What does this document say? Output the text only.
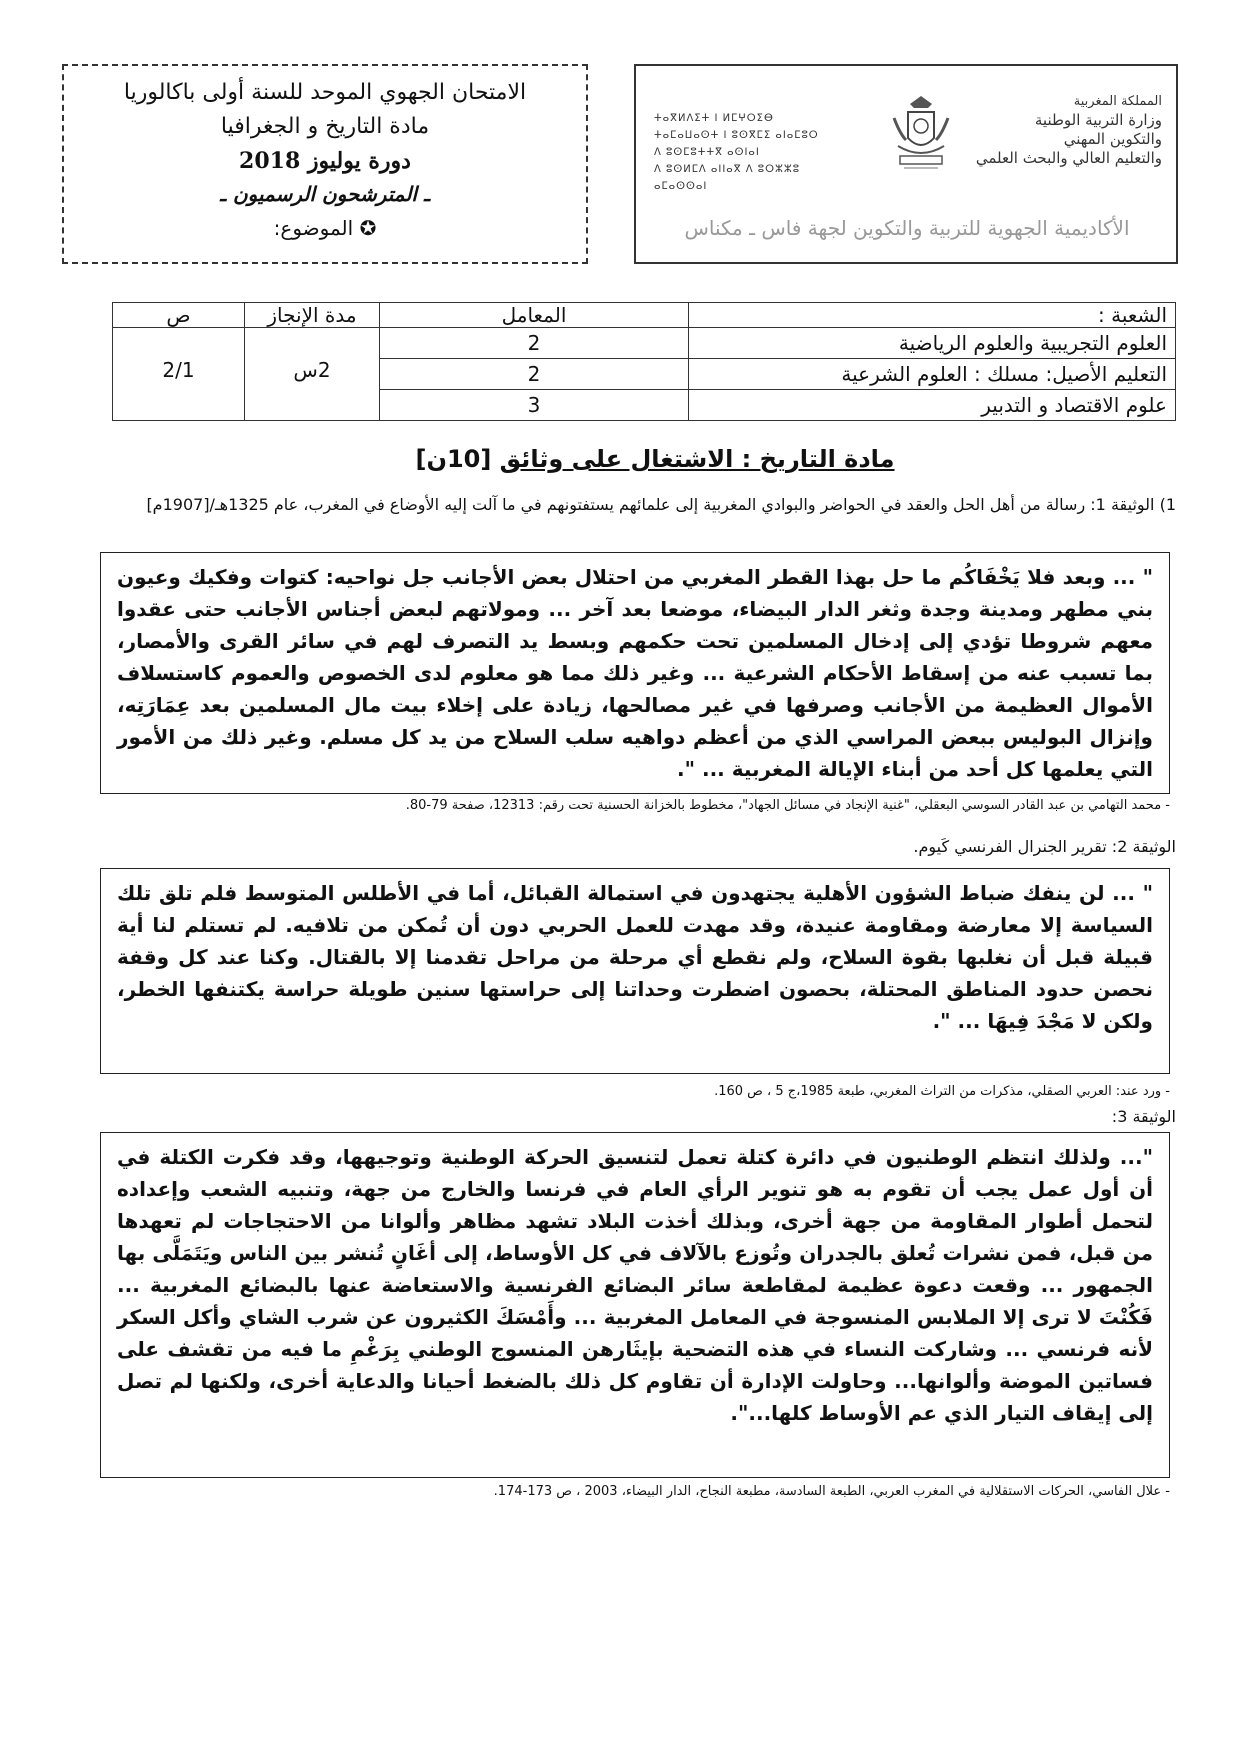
الامتحان الجهوي الموحد للسنة أولى باكالوريا
مادة التاريخ و الجغرافيا
دورة يوليوز 2018
ـ المترشحون الرسميون ـ
✪ الموضوع:
المملكة المغربية
وزارة التربية الوطنية
والتكوين المهني
والتعليم العالي والبحث العلمي
ⵜⴰⴳⵍⴷⵉⵜ ⵏ ⵍⵎⵖⵔⵉⴱ
ⵜⴰⵎⴰⵡⴰⵙⵜ ⵏ ⵓⵙⴳⵎⵉ ⴰⵏⴰⵎⵓⵔ
ⴷ ⵓⵙⵎⵓⵜⵜⴳ ⴰⵙⵏⴰⵏ
ⴷ ⵓⵙⵍⵎⴷ ⴰⵏⵏⴰⴳ ⴷ ⵓⵔⵣⵣⵓ ⴰⵎⴰⵙⵙⴰⵏ
الأكاديمية الجهوية للتربية والتكوين لجهة فاس ـ مكناس
الشعبة :	المعامل	مدة الإنجاز	ص
العلوم التجريبية والعلوم الرياضية	2	2س	2/1
التعليم الأصيل: مسلك : العلوم الشرعية	2		
علوم الاقتصاد و التدبير	3		
مادة التاريخ : الاشتغال على وثائق [10ن]
1) الوثيقة 1: رسالة من أهل الحل والعقد في الحواضر والبوادي المغربية إلى علمائهم يستفتونهم في ما آلت إليه الأوضاع في المغرب، عام 1325هـ/[1907م]
" ... وبعد فلا يَخْفَاكُم ما حل بهذا القطر المغربي من احتلال بعض الأجانب جل نواحيه: كتوات وفكيك وعيون بني مطهر ومدينة وجدة وثغر الدار البيضاء، موضعا بعد آخر ... ومولاتهم لبعض أجناس الأجانب حتى عقدوا معهم شروطا تؤدي إلى إدخال المسلمين تحت حكمهم وبسط يد التصرف لهم في سائر القرى والأمصار، بما تسبب عنه من إسقاط الأحكام الشرعية ... وغير ذلك مما هو معلوم لدى الخصوص والعموم كاستسلاف الأموال العظيمة من الأجانب وصرفها في غير مصالحها، زيادة على إخلاء بيت مال المسلمين بعد عِمَارَتِه، وإنزال البوليس ببعض المراسي الذي من أعظم دواهيه سلب السلاح من يد كل مسلم. وغير ذلك من الأمور التي يعلمها كل أحد من أبناء الإيالة المغربية ... ".
- محمد التهامي بن عبد القادر السوسي البعقلي، "غنية الإنجاد في مسائل الجهاد"، مخطوط بالخزانة الحسنية تحت رقم: 12313، صفحة 79-80.
الوثيقة 2: تقرير الجنرال الفرنسي كَيوم.
" ... لن ينفك ضباط الشؤون الأهلية يجتهدون في استمالة القبائل، أما في الأطلس المتوسط فلم تلق تلك السياسة إلا معارضة ومقاومة عنيدة، وقد مهدت للعمل الحربي دون أن تُمكن من تلافيه. لم تستلم لنا أية قبيلة قبل أن نغلبها بقوة السلاح، ولم نقطع أي مرحلة من مراحل تقدمنا إلا بالقتال. وكنا عند كل وقفة نحصن حدود المناطق المحتلة، بحصون اضطرت وحداتنا إلى حراستها سنين طويلة حراسة يكتنفها الخطر، ولكن لا مَجْدَ فِيهَا ... ".
- ورد عند: العربي الصقلي، مذكرات من التراث المغربي، طبعة 1985،ج 5 ، ص 160.
الوثيقة 3:
"... ولذلك انتظم الوطنيون في دائرة كتلة تعمل لتنسيق الحركة الوطنية وتوجيهها، وقد فكرت الكتلة في أن أول عمل يجب أن تقوم به هو تنوير الرأي العام في فرنسا والخارج من جهة، وتنبيه الشعب وإعداده لتحمل أطوار المقاومة من جهة أخرى، وبذلك أخذت البلاد تشهد مظاهر وألوانا من الاحتجاجات لم تعهدها من قبل، فمن نشرات تُعلق بالجدران وتُوزع بالآلاف في كل الأوساط، إلى أغَانٍ تُنشر بين الناس ويَتَمَلَّى بها الجمهور ... وقعت دعوة عظيمة لمقاطعة سائر البضائع الفرنسية والاستعاضة عنها بالبضائع المغربية ... فَكُنْتَ لا ترى إلا الملابس المنسوجة في المعامل المغربية ... وأَمْسَكَ الكثيرون عن شرب الشاي وأكل السكر لأنه فرنسي ... وشاركت النساء في هذه التضحية بإيثَارهن المنسوج الوطني بِرَغْمِ ما فيه من تقشف على فساتين الموضة وألوانها... وحاولت الإدارة أن تقاوم كل ذلك بالضغط أحيانا والدعاية أخرى، ولكنها لم تصل إلى إيقاف التيار الذي عم الأوساط كلها...".
- علال الفاسي، الحركات الاستقلالية في المغرب العربي، الطبعة السادسة، مطبعة النجاح، الدار البيضاء، 2003 ، ص 173-174.
